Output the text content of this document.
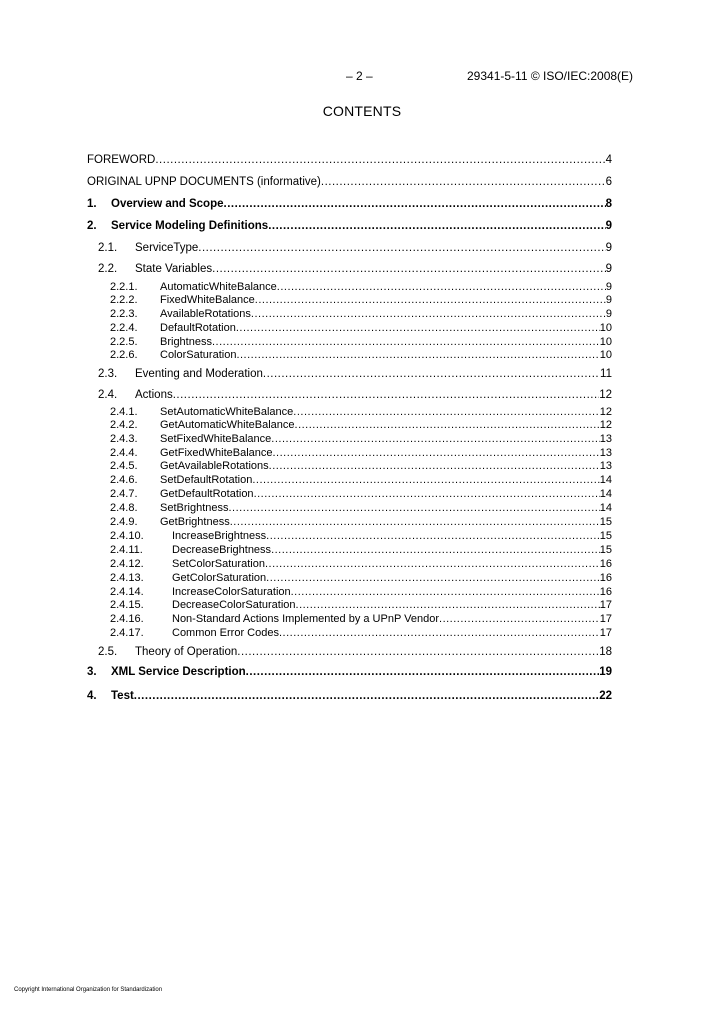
– 2 –	29341-5-11 © ISO/IEC:2008(E)
CONTENTS
FOREWORD .....	4
ORIGINAL UPNP DOCUMENTS (informative) .....	6
1.	Overview and Scope .....	8
2.	Service Modeling Definitions .....	9
2.1.	ServiceType .....	9
2.2.	State Variables .....	9
2.2.1.	AutomaticWhiteBalance .....	9
2.2.2.	FixedWhiteBalance .....	9
2.2.3.	AvailableRotations .....	9
2.2.4.	DefaultRotation .....	10
2.2.5.	Brightness .....	10
2.2.6.	ColorSaturation .....	10
2.3.	Eventing and Moderation .....	11
2.4.	Actions .....	12
2.4.1.	SetAutomaticWhiteBalance .....	12
2.4.2.	GetAutomaticWhiteBalance .....	12
2.4.3.	SetFixedWhiteBalance .....	13
2.4.4.	GetFixedWhiteBalance .....	13
2.4.5.	GetAvailableRotations .....	13
2.4.6.	SetDefaultRotation .....	14
2.4.7.	GetDefaultRotation .....	14
2.4.8.	SetBrightness .....	14
2.4.9.	GetBrightness .....	15
2.4.10.	IncreaseBrightness .....	15
2.4.11.	DecreaseBrightness .....	15
2.4.12.	SetColorSaturation .....	16
2.4.13.	GetColorSaturation .....	16
2.4.14.	IncreaseColorSaturation .....	16
2.4.15.	DecreaseColorSaturation .....	17
2.4.16.	Non-Standard Actions Implemented by a UPnP Vendor .....	17
2.4.17.	Common Error Codes .....	17
2.5.	Theory of Operation .....	18
3.	XML Service Description .....	19
4.	Test .....	22
Copyright International Organization for Standardization
